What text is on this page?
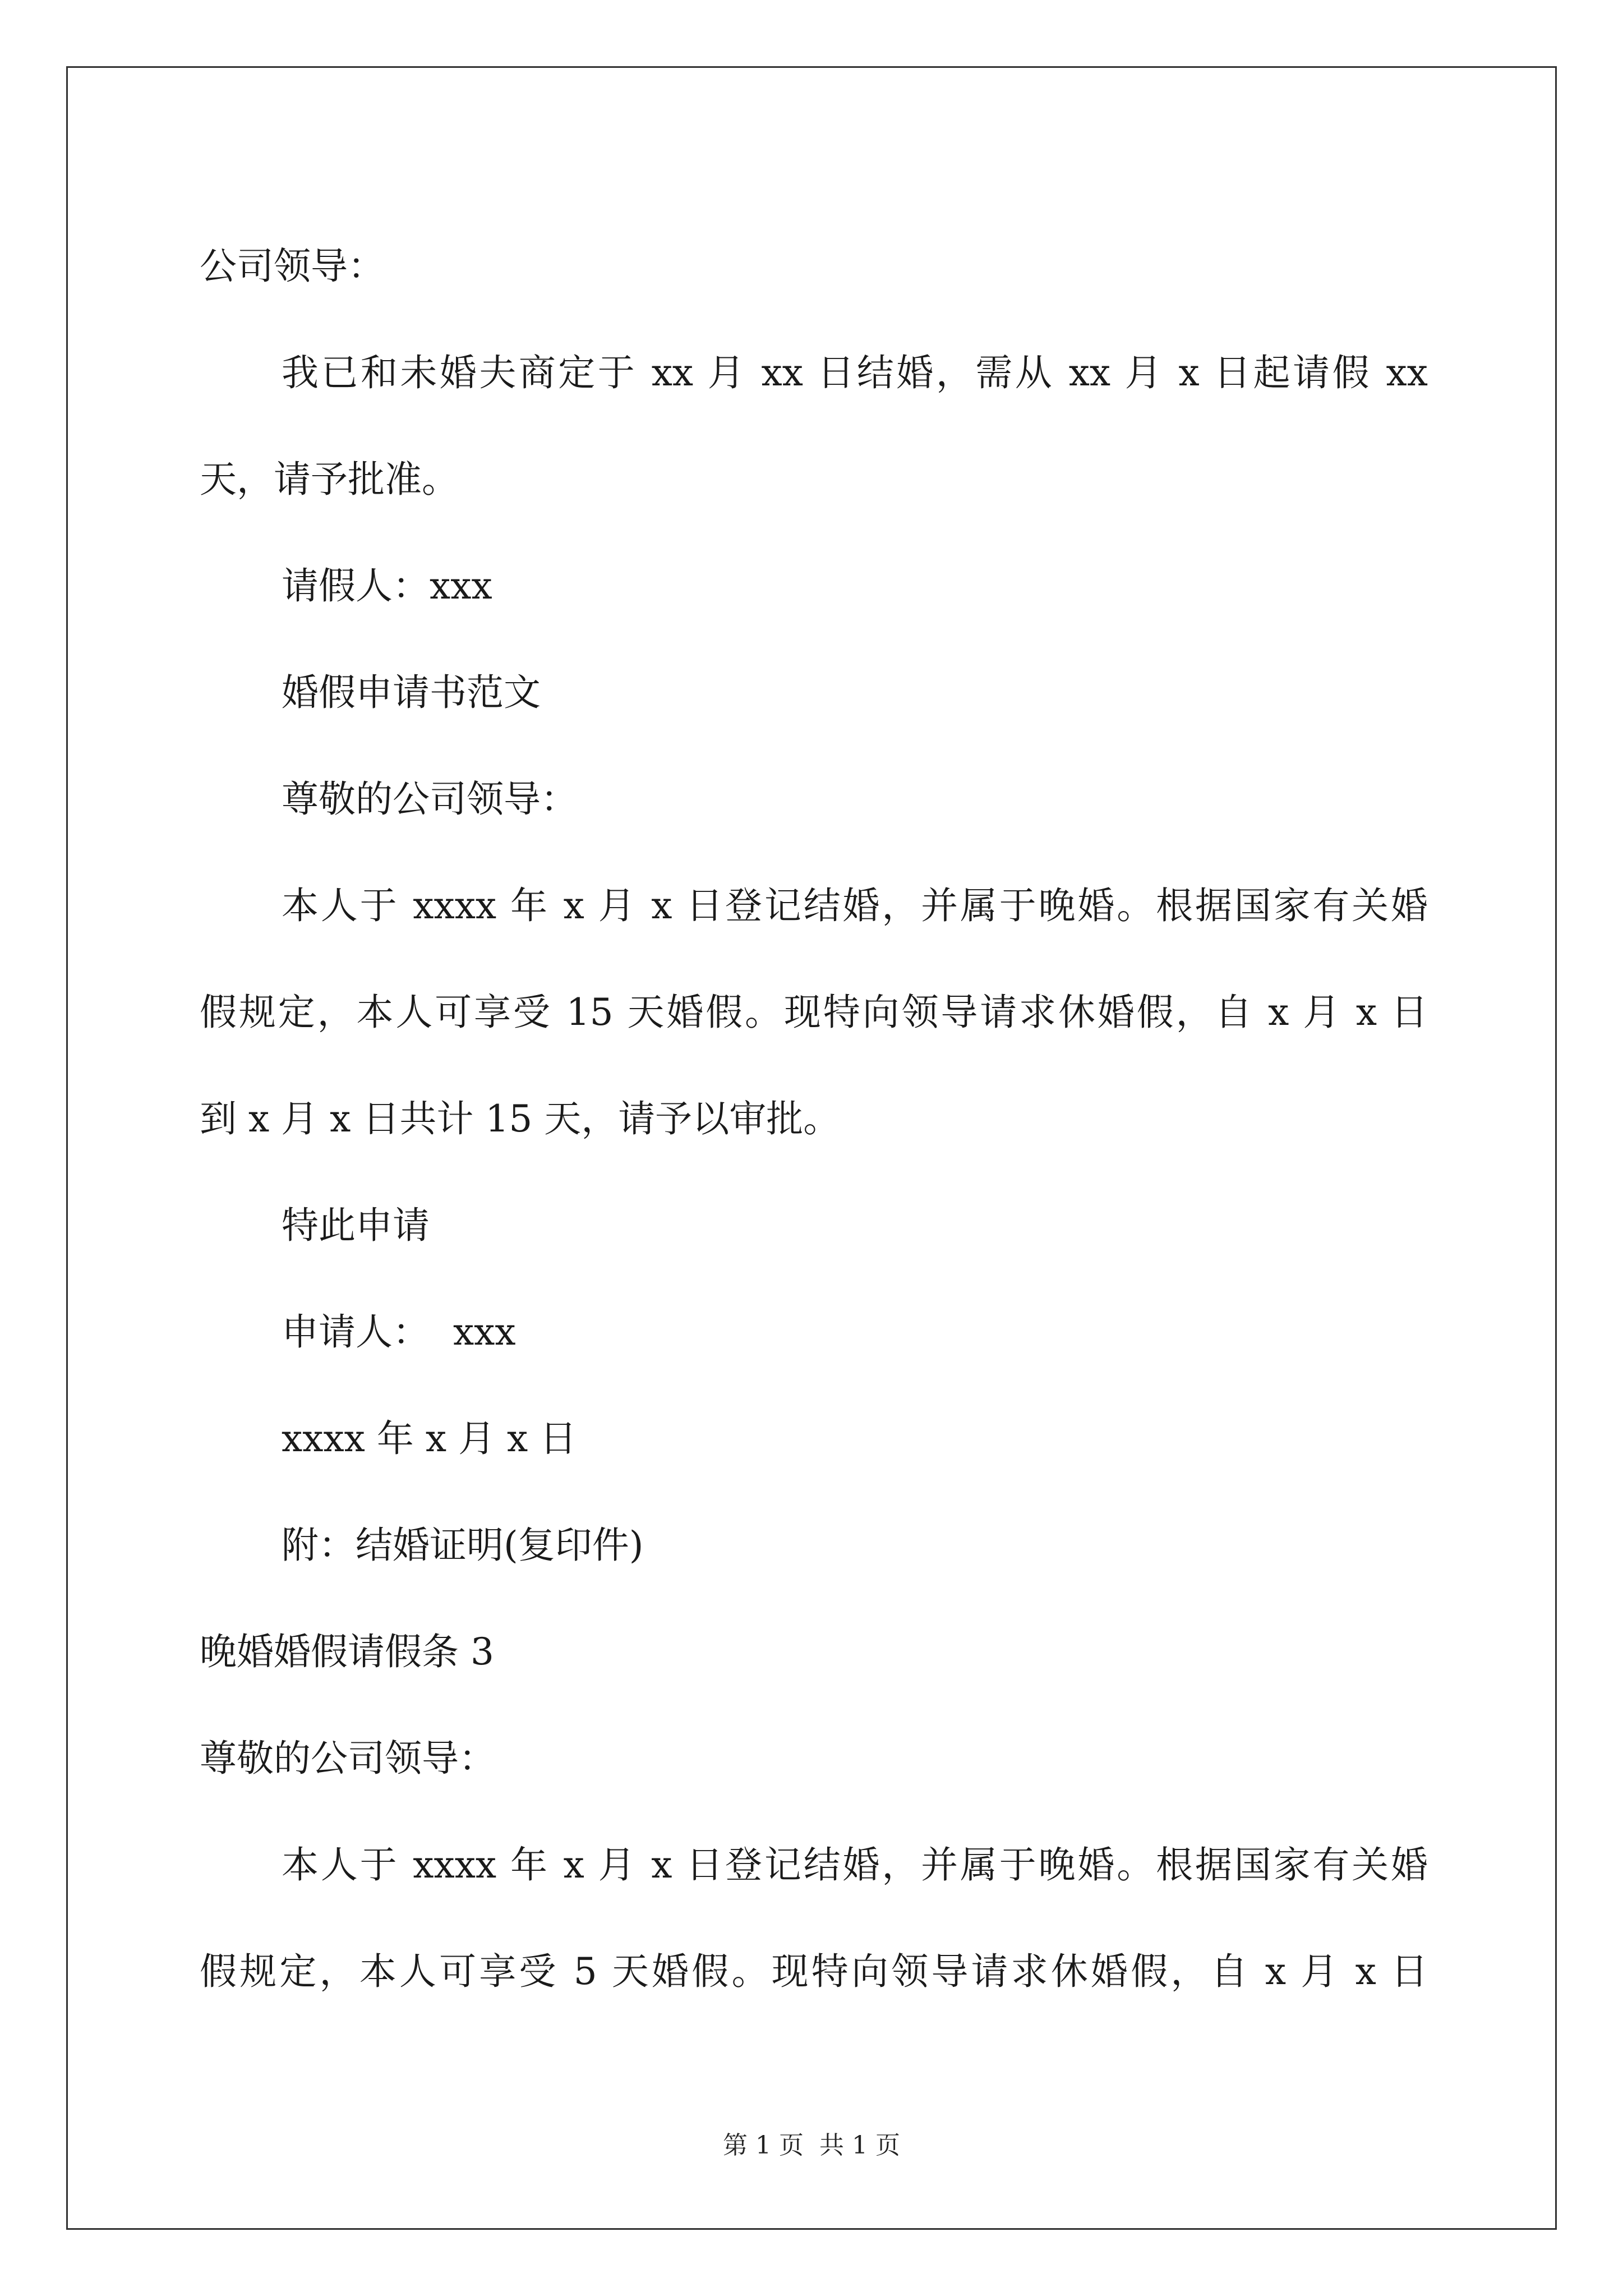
公司领导：
我已和未婚夫商定于 xx 月 xx 日结婚，需从 xx 月 x 日起请假 xx
天，请予批准。
请假人：xxx
婚假申请书范文
尊敬的公司领导：
本人于 xxxx 年 x 月 x 日登记结婚，并属于晚婚。根据国家有关婚
假规定，本人可享受 15 天婚假。现特向领导请求休婚假，自 x 月 x 日
到 x 月 x 日共计 15 天，请予以审批。
特此申请
申请人：  xxx
xxxx 年 x 月 x 日
附：结婚证明(复印件)
晚婚婚假请假条 3
尊敬的公司领导：
本人于 xxxx 年 x 月 x 日登记结婚，并属于晚婚。根据国家有关婚
假规定，本人可享受 5 天婚假。现特向领导请求休婚假，自 x 月 x 日
第 1 页  共 1 页
